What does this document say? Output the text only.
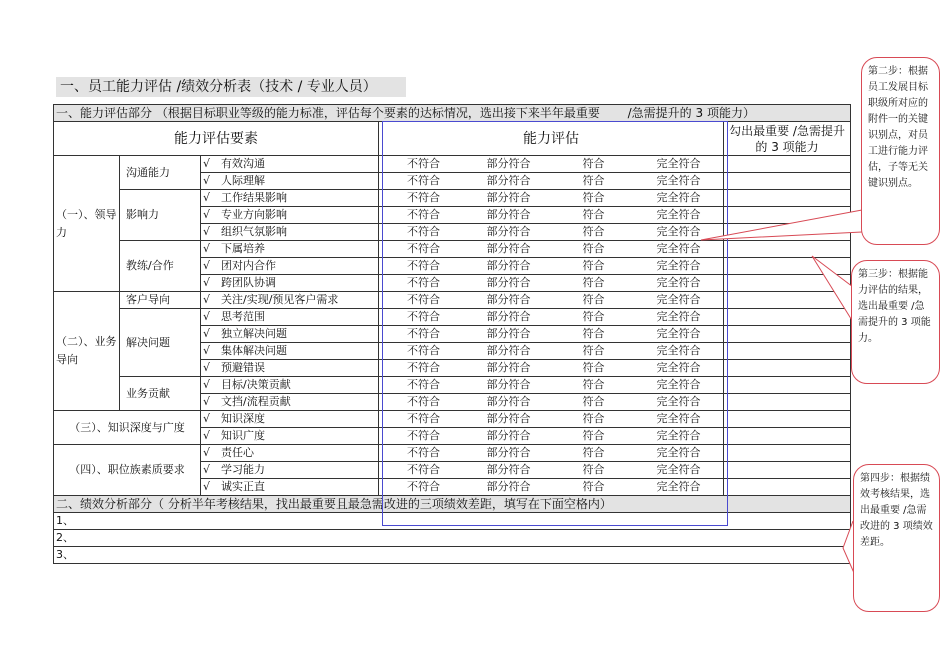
一、员工能力评估 /绩效分析表（技术 / 专业人员）
一、能力评估部分 （根据目标职业等级的能力标准，评估每个要素的达标情况，选出接下来半年最重要　　 /急需提升的 3 项能力）				
能力评估要素			能力评估	勾出最重要 /急需提升的 3 项能力
（一）、领导力	沟通能力	√ 有效沟通	不符合 部分符合 符合 完全符合	

		√ 人际理解	不符合 部分符合 符合 完全符合	

	影响力	√ 工作结果影响	不符合 部分符合 符合 完全符合	

		√ 专业方向影响	不符合 部分符合 符合 完全符合	

		√ 组织气氛影响	不符合 部分符合 符合 完全符合	

	教练/合作	√ 下属培养	不符合 部分符合 符合 完全符合	

		√ 团对内合作	不符合 部分符合 符合 完全符合	

		√ 跨团队协调	不符合 部分符合 符合 完全符合	

（二）、业务导向	客户导向	√ 关注/实现/预见客户需求	不符合 部分符合 符合 完全符合	

	解决问题	√ 思考范围	不符合 部分符合 符合 完全符合	

		√ 独立解决问题	不符合 部分符合 符合 完全符合	

		√ 集体解决问题	不符合 部分符合 符合 完全符合	

		√ 预避错误	不符合 部分符合 符合 完全符合	

	业务贡献	√ 目标/决策贡献	不符合 部分符合 符合 完全符合	

		√ 文挡/流程贡献	不符合 部分符合 符合 完全符合	

（三）、知识深度与广度		√ 知识深度	不符合 部分符合 符合 完全符合	

		√ 知识广度	不符合 部分符合 符合 完全符合	

（四）、职位族素质要求		√ 责任心	不符合 部分符合 符合 完全符合	

		√ 学习能力	不符合 部分符合 符合 完全符合	

		√ 诚实正直	不符合 部分符合 符合 完全符合	

二、绩效分析部分（ 分析半年考核结果，找出最重要且最急需改进的三项绩效差距，填写在下面空格内）				
1、				
2、				
3、				
第二步：根据员工发展目标职级所对应的附件一的关键识别点，对员工进行能力评估，子等无关键识别点。
第三步：根据能力评估的结果，选出最重要 /急需提升的 3 项能力。
第四步：根据绩效考核结果，选出最重要 /急需改进的 3 项绩效差距。
